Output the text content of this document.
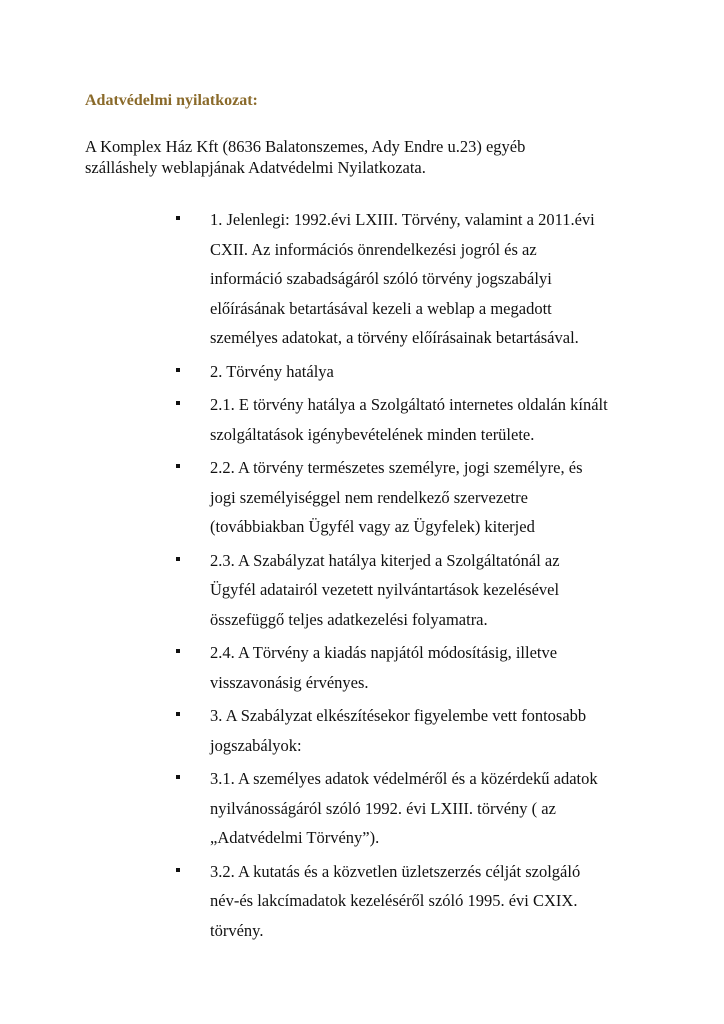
Adatvédelmi nyilatkozat:

A Komplex Ház Kft (8636 Balatonszemes, Ady Endre u.23) egyéb
szálláshely weblapjának Adatvédelmi Nyilatkozata.

1. Jelenlegi: 1992.évi LXIII. Törvény, valamint a 2011.évi
CXII. Az információs önrendelkezési jogról és az
információ szabadságáról szóló törvény jogszabályi
előírásának betartásával kezeli a weblap a megadott
személyes adatokat, a törvény előírásainak betartásával.
2. Törvény hatálya
2.1. E törvény hatálya a Szolgáltató internetes oldalán kínált
szolgáltatások igénybevételének minden területe.
2.2. A törvény természetes személyre, jogi személyre, és
jogi személyiséggel nem rendelkező szervezetre
(továbbiakban Ügyfél vagy az Ügyfelek) kiterjed
2.3. A Szabályzat hatálya kiterjed a Szolgáltatónál az
Ügyfél adatairól vezetett nyilvántartások kezelésével
összefüggő teljes adatkezelési folyamatra.
2.4. A Törvény a kiadás napjától módosításig, illetve
visszavonásig érvényes.
3. A Szabályzat elkészítésekor figyelembe vett fontosabb
jogszabályok:
3.1. A személyes adatok védelméről és a közérdekű adatok
nyilvánosságáról szóló 1992. évi LXIII. törvény ( az
„Adatvédelmi Törvény”).
3.2. A kutatás és a közvetlen üzletszerzés célját szolgáló
név-és lakcímadatok kezeléséről szóló 1995. évi CXIX.
törvény.
